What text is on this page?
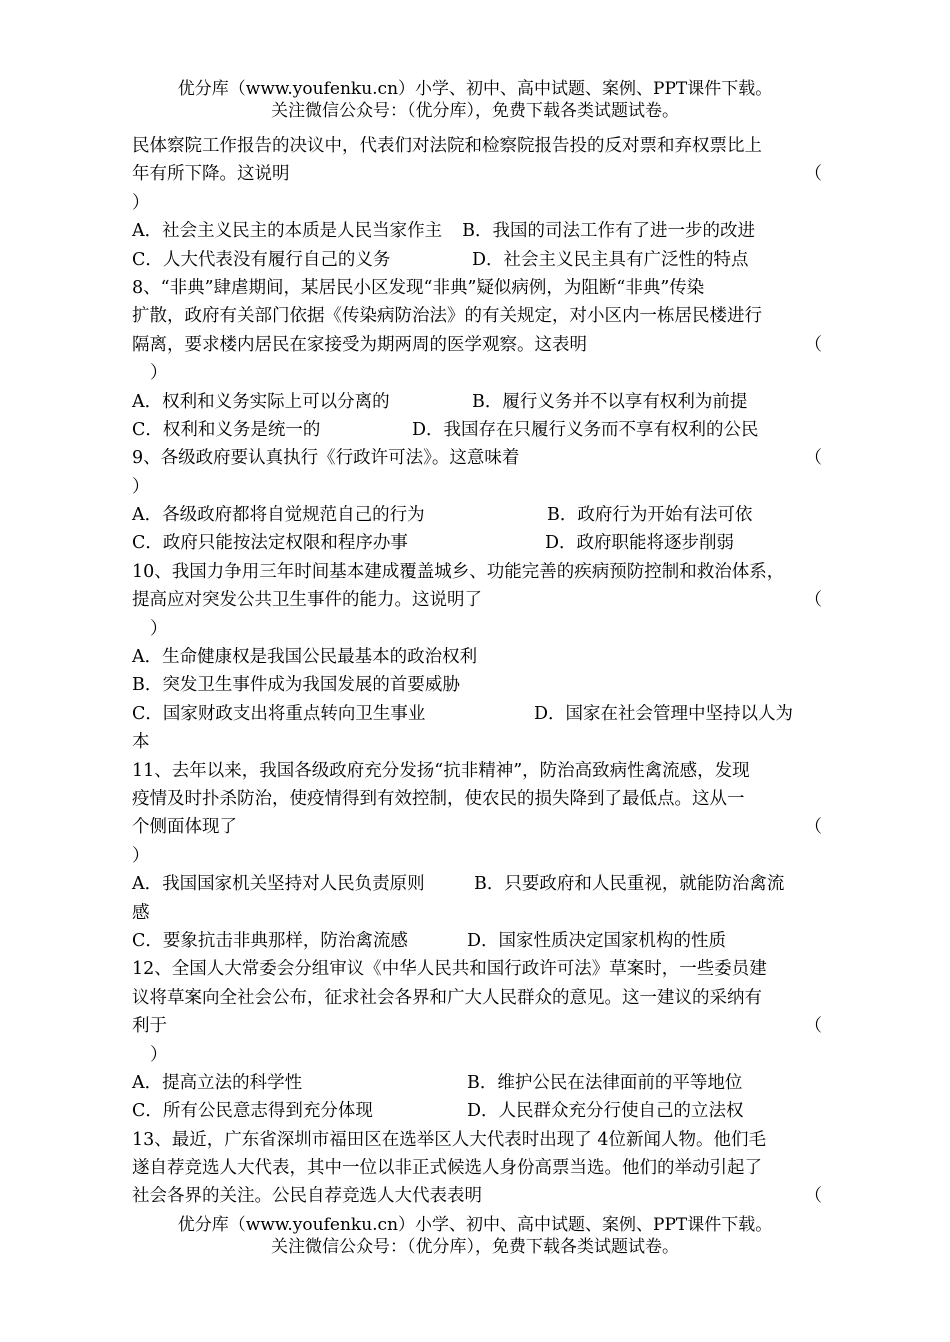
优分库（www.youfenku.cn）小学、初中、高中试题、案例、PPT课件下载。
关注微信公众号：（优分库），免费下载各类试题试卷。
民体察院工作报告的决议中，代表们对法院和检察院报告投的反对票和弃权票比上
年有所下降。这说明	（
）
A．社会主义民主的本质是人民当家作主 B．我国的司法工作有了进一步的改进
C．人大代表没有履行自己的义务	D．社会主义民主具有广泛性的特点
8、“非典”肆虐期间，某居民小区发现“非典”疑似病例，为阻断“非典”传染
扩散，政府有关部门依据《传染病防治法》的有关规定，对小区内一栋居民楼进行
隔离，要求楼内居民在家接受为期两周的医学观察。这表明	（
）
A．权利和义务实际上可以分离的	B．履行义务并不以享有权利为前提
C．权利和义务是统一的	D．我国存在只履行义务而不享有权利的公民
9、各级政府要认真执行《行政许可法》。这意味着	（
）
A．各级政府都将自觉规范自己的行为	B．政府行为开始有法可依
C．政府只能按法定权限和程序办事	D．政府职能将逐步削弱
10、我国力争用三年时间基本建成覆盖城乡、功能完善的疾病预防控制和救治体系，
提高应对突发公共卫生事件的能力。这说明了	（
）
A．生命健康权是我国公民最基本的政治权利
B．突发卫生事件成为我国发展的首要威胁
C．国家财政支出将重点转向卫生事业	D．国家在社会管理中坚持以人为
本
11、去年以来，我国各级政府充分发扬“抗非精神”，防治高致病性禽流感，发现
疫情及时扑杀防治，使疫情得到有效控制，使农民的损失降到了最低点。这从一
个侧面体现了	（
）
A．我国国家机关坚持对人民负责原则	B．只要政府和人民重视，就能防治禽流
感
C．要象抗击非典那样，防治禽流感	D．国家性质决定国家机构的性质
12、全国人大常委会分组审议《中华人民共和国行政许可法》草案时，一些委员建
议将草案向全社会公布，征求社会各界和广大人民群众的意见。这一建议的采纳有
利于	（
）
A．提高立法的科学性	B．维护公民在法律面前的平等地位
C．所有公民意志得到充分体现	D．人民群众充分行使自己的立法权
13、最近，广东省深圳市福田区在选举区人大代表时出现了 4位新闻人物。他们毛
遂自荐竞选人大代表，其中一位以非正式候选人身份高票当选。他们的举动引起了
社会各界的关注。公民自荐竞选人大代表表明	（
优分库（www.youfenku.cn）小学、初中、高中试题、案例、PPT课件下载。
关注微信公众号：（优分库），免费下载各类试题试卷。
